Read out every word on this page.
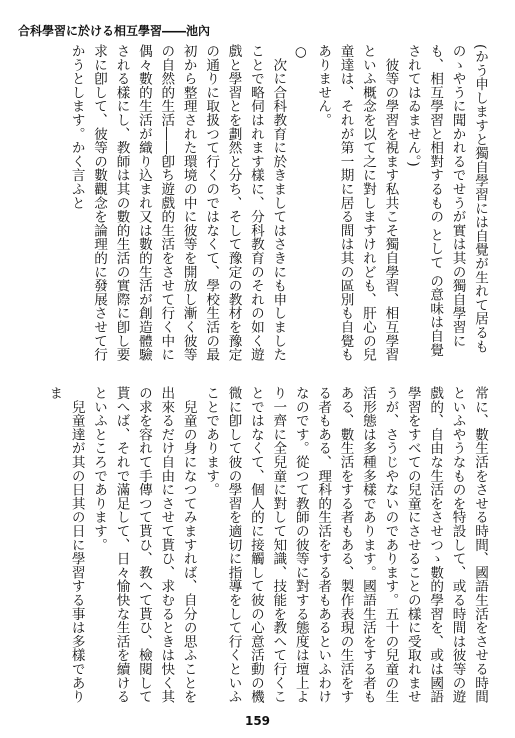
合科學習に於ける相互學習――池內
(かう申しますと獨自學習には自覺が生れて居るものゝやうに聞かれるでせうが實は其の獨自學習にも、相互學習と相對するもの として の意味は自覺されてはゐません。)
　彼等の學習を視ます私共こそ獨自學習、相互學習といふ概念を以て之に對しますけれども、肝心の兒童達は、それが第一期に居る間は其の區別も自覺もありません。
○
　次に合科教育に於きましてはさきにも申しましたことで略伺はれます樣に、分科教育のそれの如く遊戲と學習とを劃然と分ち、そして豫定の教材を豫定の通りに取扱つて行くのではなくて、學校生活の最初から整理された環境の中に彼等を開放し漸く彼等の自然的生活――卽ち遊戲的生活をさせて行く中に偶々數的生活が織り込まれ又は數的生活が創造體驗される樣にし、教師は其の數的生活の實際に卽し要求に卽して、彼等の數觀念を論理的に發展させて行かうとします。かく言ふと
常に、數生活をさせる時間、國語生活をさせる時間といふやうなものを特設して、或る時間は彼等の遊戲的、自由な生活をさせつゝ數的學習を、或は國語學習をすべての兒童にさせることの樣に受取れませうが、さうじやないのであります。五十の兒童の生活形態は多種多樣であります。國語生活をする者もある、數生活をする者もある、製作表現の生活をする者もある、理科的生活をする者もあるといふわけなのです。從つて教師の彼等に對する態度は壇上より一齊に全兒童に對して知識、技能を教へて行くことではなくて、個人的に接觸して彼の心意活動の機微に卽して彼の學習を適切に指導をして行くといふことであります。
　兒童の身になつてみますれば、自分の思ふことを出來るだけ自由にさせて貰ひ、求むるときは快く其の求を容れて手傳つて貰ひ、教へて貰ひ、檢閱して貰へば、それで滿足して、日々愉快な生活を續けるといふところであります。
　兒童達が其の日其の日に學習する事は多樣でありま
159
